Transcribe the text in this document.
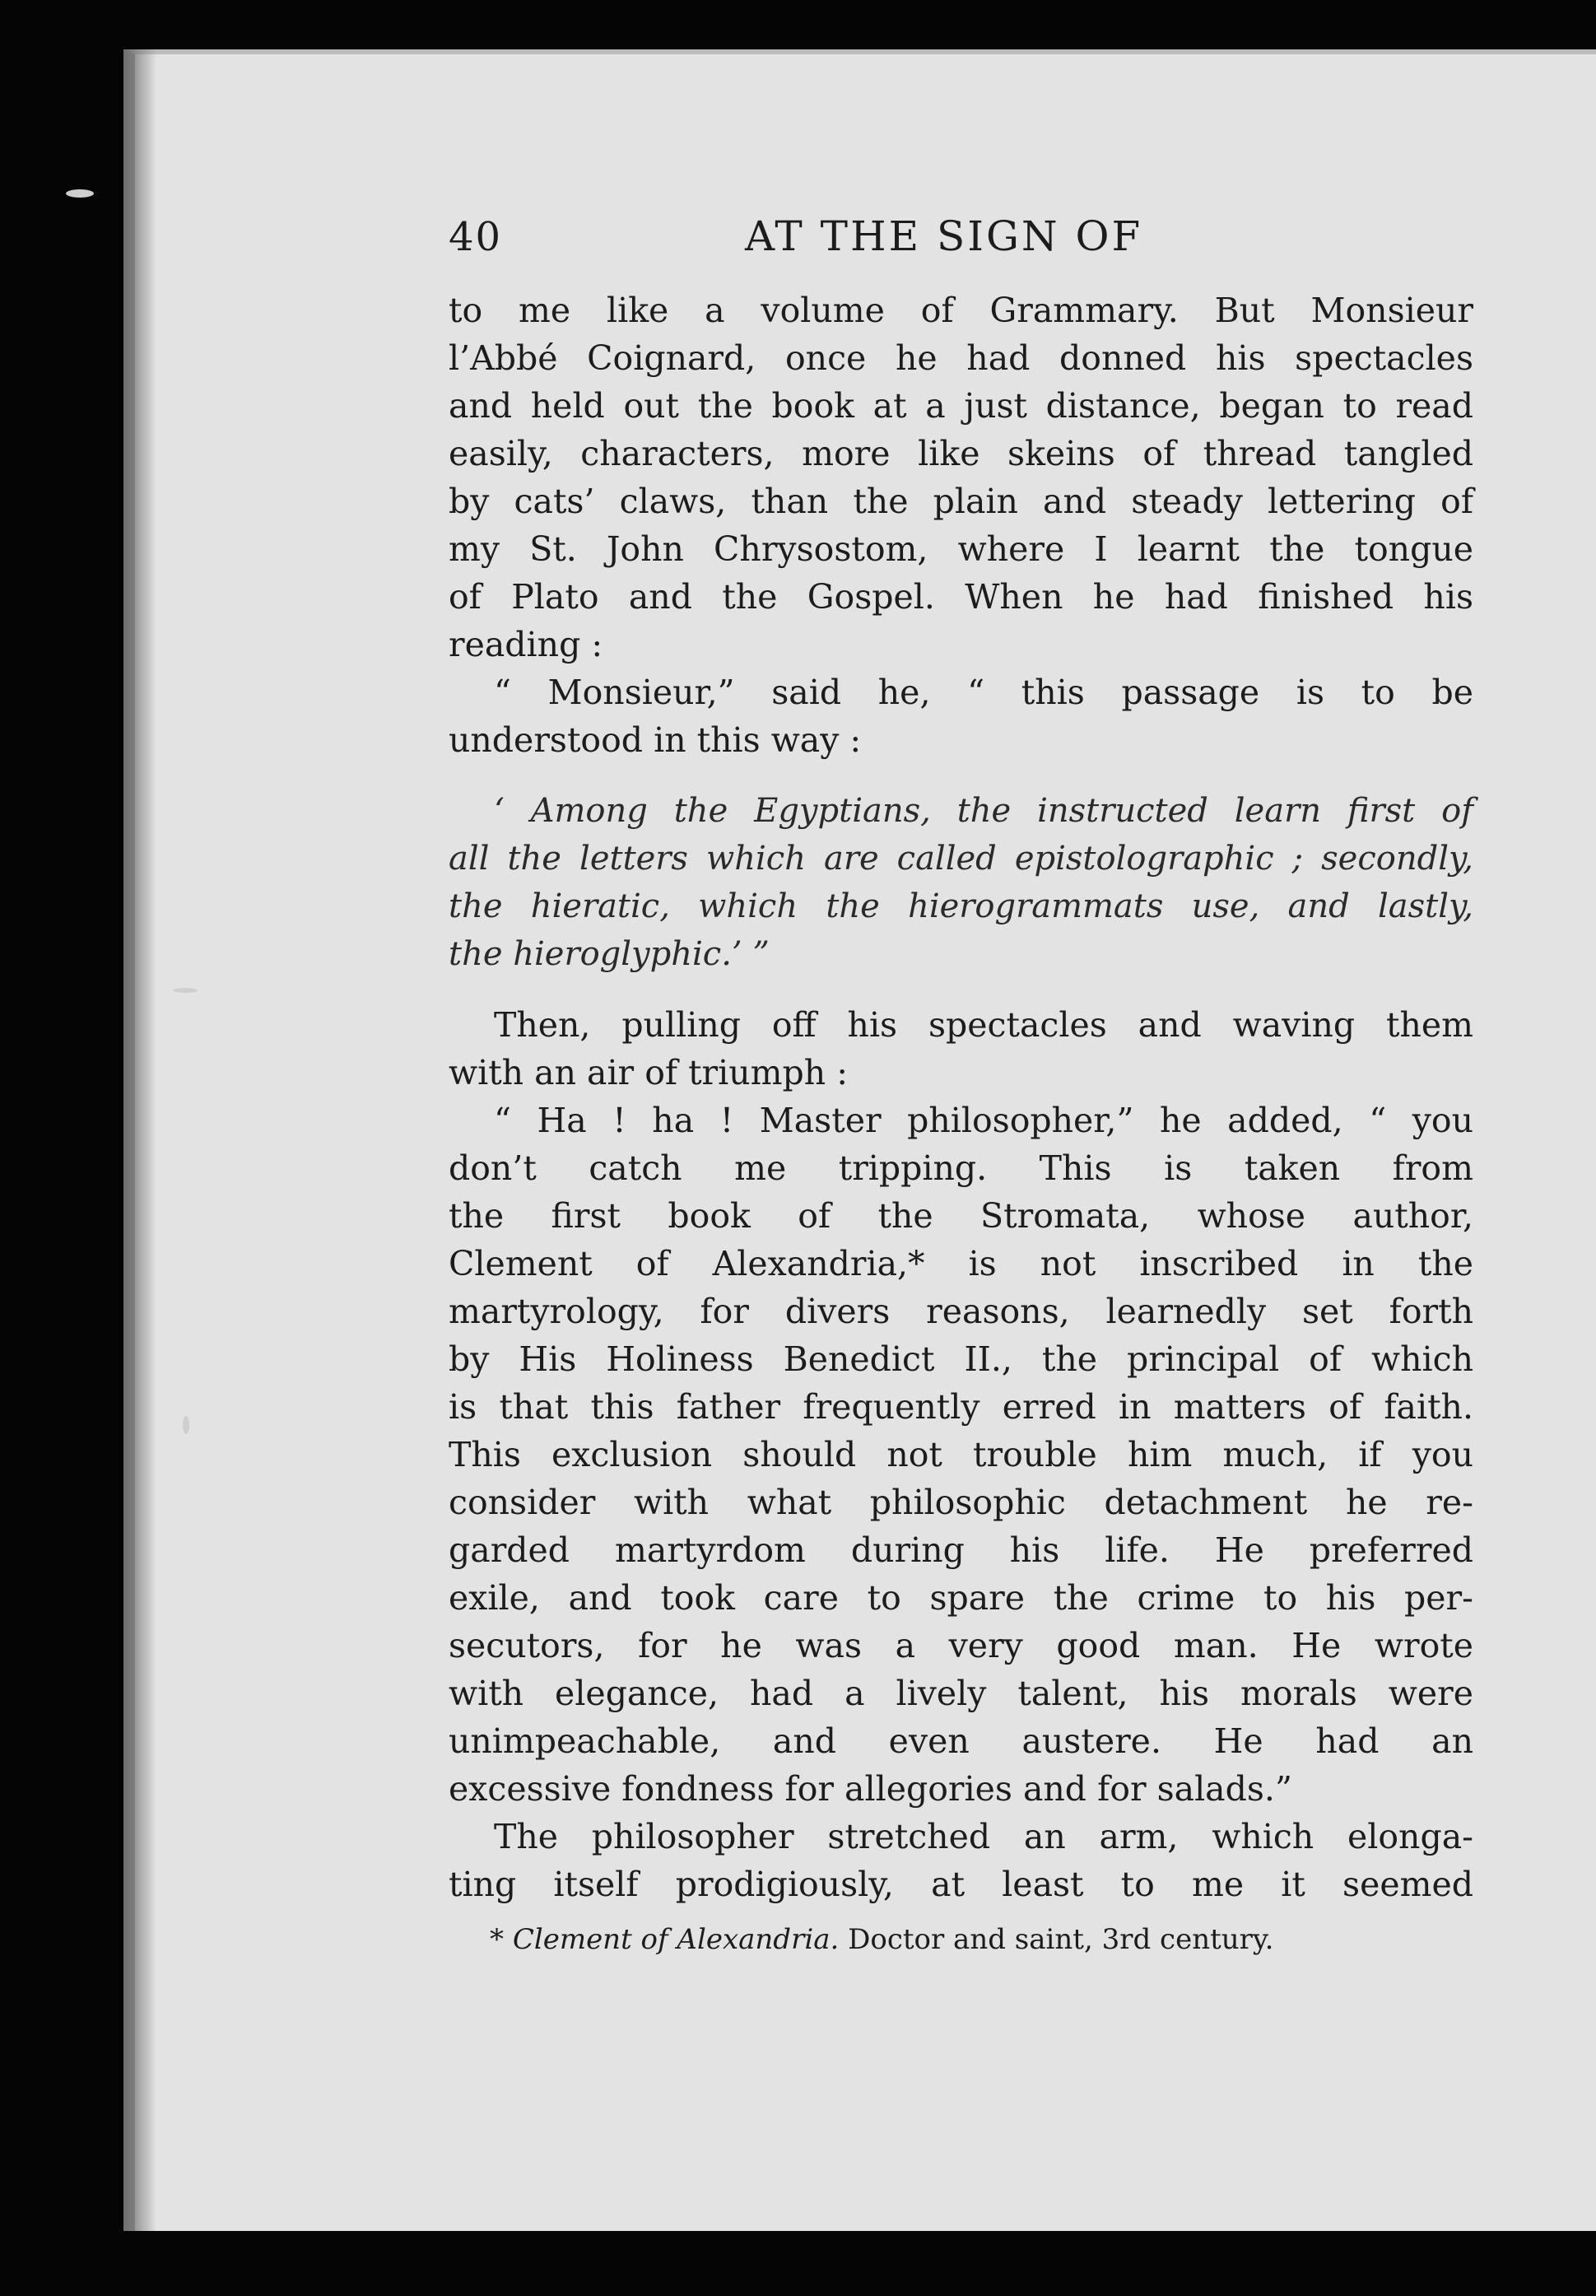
40	AT THE SIGN OF
to me like a volume of Grammary. But Monsieur
l’Abbé Coignard, once he had donned his spectacles
and held out the book at a just distance, began to read
easily, characters, more like skeins of thread tangled
by cats’ claws, than the plain and steady lettering of
my St. John Chrysostom, where I learnt the tongue
of Plato and the Gospel. When he had finished his
reading :
“ Monsieur,” said he, “ this passage is to be
understood in this way :
‘ Among the Egyptians, the instructed learn first of
all the letters which are called epistolographic ; secondly,
the hieratic, which the hierogrammats use, and lastly,
the hieroglyphic.’ ”
Then, pulling off his spectacles and waving them
with an air of triumph :
“ Ha ! ha ! Master philosopher,” he added, “ you
don’t catch me tripping. This is taken from
the first book of the Stromata, whose author,
Clement of Alexandria,* is not inscribed in the
martyrology, for divers reasons, learnedly set forth
by His Holiness Benedict II., the principal of which
is that this father frequently erred in matters of faith.
This exclusion should not trouble him much, if you
consider with what philosophic detachment he re-
garded martyrdom during his life. He preferred
exile, and took care to spare the crime to his per-
secutors, for he was a very good man. He wrote
with elegance, had a lively talent, his morals were
unimpeachable, and even austere. He had an
excessive fondness for allegories and for salads.”
The philosopher stretched an arm, which elonga-
ting itself prodigiously, at least to me it seemed
* Clement of Alexandria. Doctor and saint, 3rd century.
